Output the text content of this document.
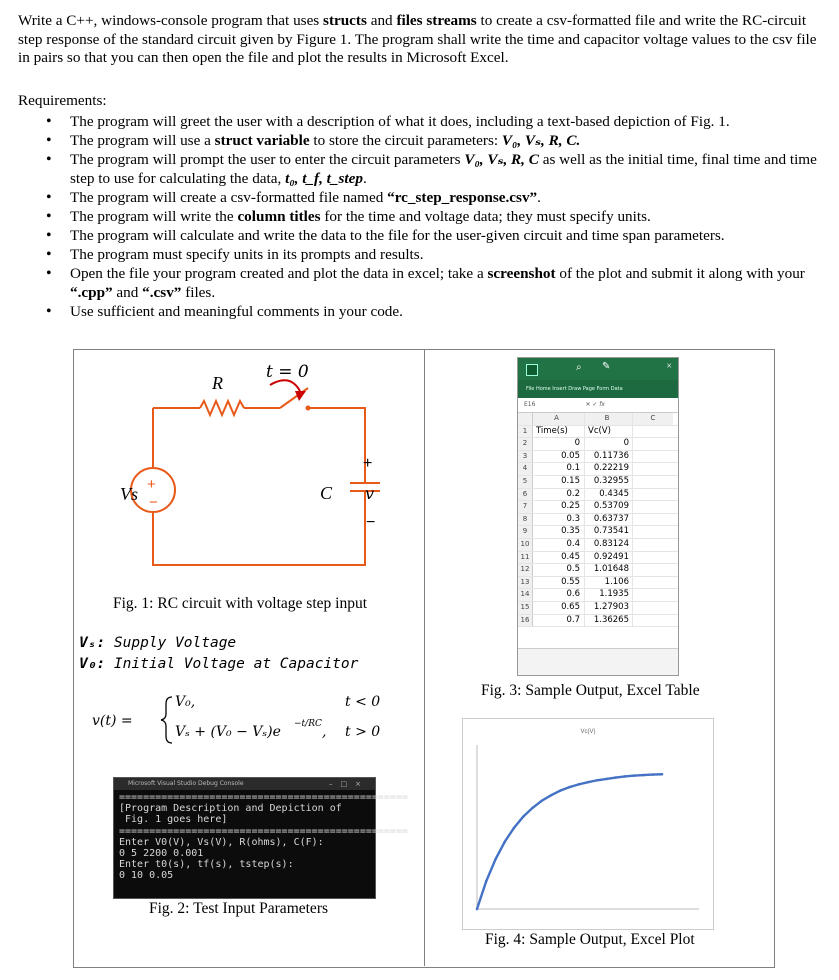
Write a C++, windows-console program that uses structs and files streams to create a csv-formatted file and write the RC-circuit step response of the standard circuit given by Figure 1. The program shall write the time and capacitor voltage values to the csv file in pairs so that you can then open the file and plot the results in Microsoft Excel.
Requirements:
• The program will greet the user with a description of what it does, including a text-based depiction of Fig. 1.
• The program will use a struct variable to store the circuit parameters: V₀, Vₛ, R, C.
• The program will prompt the user to enter the circuit parameters V₀, Vₛ, R, C as well as the initial time, final time and time step to use for calculating the data, t₀, t_f, t_step.
• The program will create a csv-formatted file named “rc_step_response.csv”.
• The program will write the column titles for the time and voltage data; they must specify units.
• The program will calculate and write the data to the file for the user-given circuit and time span parameters.
• The program must specify units in its prompts and results.
• Open the file your program created and plot the data in excel; take a screenshot of the plot and submit it along with your “.cpp” and “.csv” files.
• Use sufficient and meaningful comments in your code.
t = 0
R
Vs +
−	C
+
v
−
Fig. 1: RC circuit with voltage step input
Vₛ: Supply Voltage
V₀: Initial Voltage at Capacitor
v(t) =
V₀,	t < 0
Vₛ + (V₀ − Vₛ)e −t/RC , t > 0
Microsoft Visual Studio Debug Console	–□×
================================================
[Program Description and Depiction of
Fig. 1 goes here]
================================================
Enter V0(V), Vs(V), R(ohms), C(F):
0 5 2200 0.001
Enter t0(s), tf(s), tstep(s):
0 10 0.05
Fig. 2: Test Input Parameters
⌕ ✎	×
File Home Insert Draw Page Form Data
E16	✕ ✓ fx
A	B	C
1	Time(s)	Vc(V)
2	0	0
3	0.05	0.11736
4	0.1	0.22219
5	0.15	0.32955
6	0.2	0.4345
7	0.25	0.53709
8	0.3	0.63737
9	0.35	0.73541
10	0.4	0.83124
11	0.45	0.92491
12	0.5	1.01648
13	0.55	1.106
14	0.6	1.1935
15	0.65	1.27903
16	0.7	1.36265
Fig. 3: Sample Output, Excel Table
Vc(V)
Fig. 4: Sample Output, Excel Plot
